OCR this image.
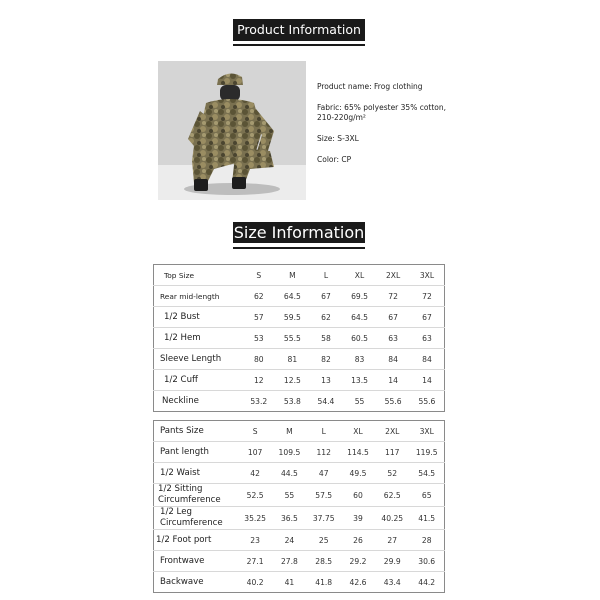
Product Information

Product name: Frog clothing

Fabric: 65% polyester 35% cotton,

210-220g/m²

Size: S-3XL

Color: CP

Size Information
Top Size	S	M	L	XL	2XL	3XL
Rear mid-length	62	64.5	67	69.5	72	72
1/2 Bust	57	59.5	62	64.5	67	67
1/2 Hem	53	55.5	58	60.5	63	63
Sleeve Length	80	81	82	83	84	84
1/2 Cuff	12	12.5	13	13.5	14	14
Neckline	53.2	53.8	54.4	55	55.6	55.6
Pants Size	S	M	L	XL	2XL	3XL
Pant length	107	109.5	112	114.5	117	119.5
1/2 Waist	42	44.5	47	49.5	52	54.5
1/2 Sitting Circumference	52.5	55	57.5	60	62.5	65
1/2 Leg Circumference	35.25	36.5	37.75	39	40.25	41.5
1/2 Foot port	23	24	25	26	27	28
Frontwave	27.1	27.8	28.5	29.2	29.9	30.6
Backwave	40.2	41	41.8	42.6	43.4	44.2
